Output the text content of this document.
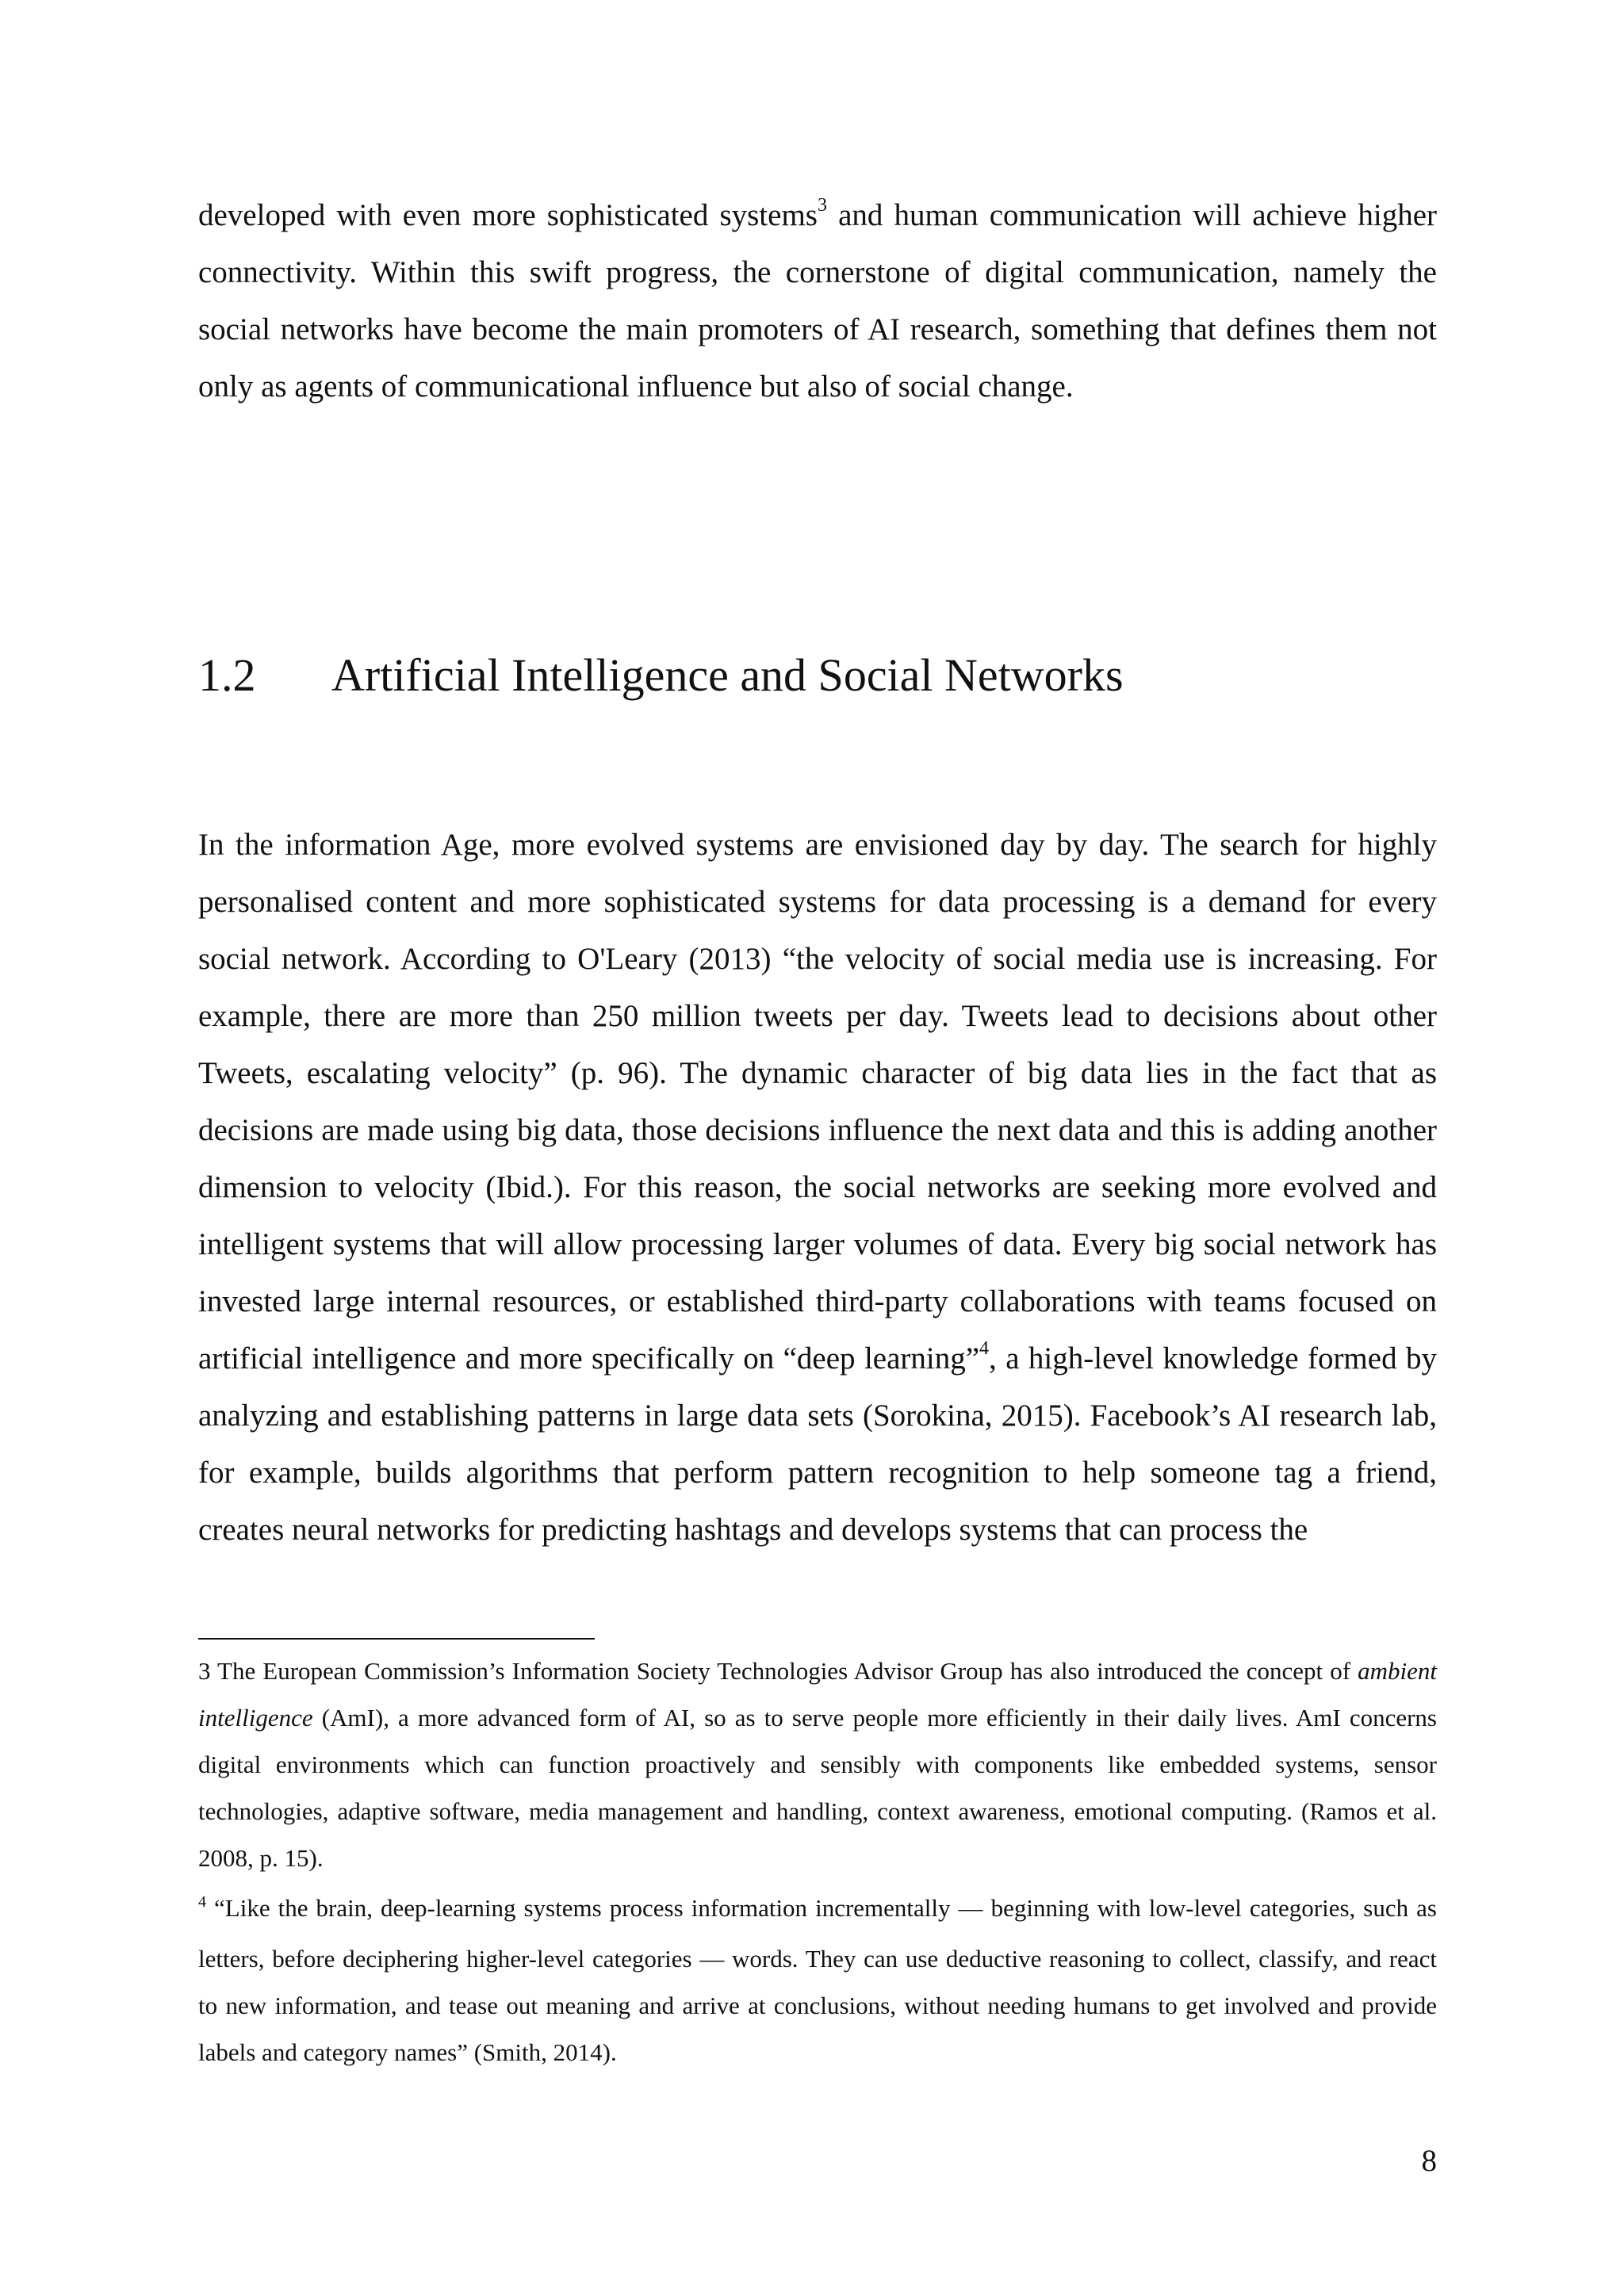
developed with even more sophisticated systems$^3$ and human communication will achieve higher connectivity. Within this swift progress, the cornerstone of digital communication, namely the social networks have become the main promoters of AI research, something that defines them not only as agents of communicational influence but also of social change.

1.2 Artificial Intelligence and Social Networks

In the information Age, more evolved systems are envisioned day by day. The search for highly personalised content and more sophisticated systems for data processing is a demand for every social network. According to O'Leary (2013) “the velocity of social media use is increasing. For example, there are more than 250 million tweets per day. Tweets lead to decisions about other Tweets, escalating velocity” (p. 96). The dynamic character of big data lies in the fact that as decisions are made using big data, those decisions influence the next data and this is adding another dimension to velocity (Ibid.). For this reason, the social networks are seeking more evolved and intelligent systems that will allow processing larger volumes of data. Every big social network has invested large internal resources, or established third-party collaborations with teams focused on artificial intelligence and more specifically on “deep learning”$^4$, a high-level knowledge formed by analyzing and establishing patterns in large data sets (Sorokina, 2015). Facebook’s AI research lab, for example, builds algorithms that perform pattern recognition to help someone tag a friend, creates neural networks for predicting hashtags and develops systems that can process the

3 The European Commission’s Information Society Technologies Advisor Group has also introduced the concept of ambient intelligence (AmI), a more advanced form of AI, so as to serve people more efficiently in their daily lives. AmI concerns digital environments which can function proactively and sensibly with components like embedded systems, sensor technologies, adaptive software, media management and handling, context awareness, emotional computing. (Ramos et al. 2008, p. 15).

$^4$ “Like the brain, deep-learning systems process information incrementally — beginning with low-level categories, such as letters, before deciphering higher-level categories — words. They can use deductive reasoning to collect, classify, and react to new information, and tease out meaning and arrive at conclusions, without needing humans to get involved and provide labels and category names” (Smith, 2014).

8
